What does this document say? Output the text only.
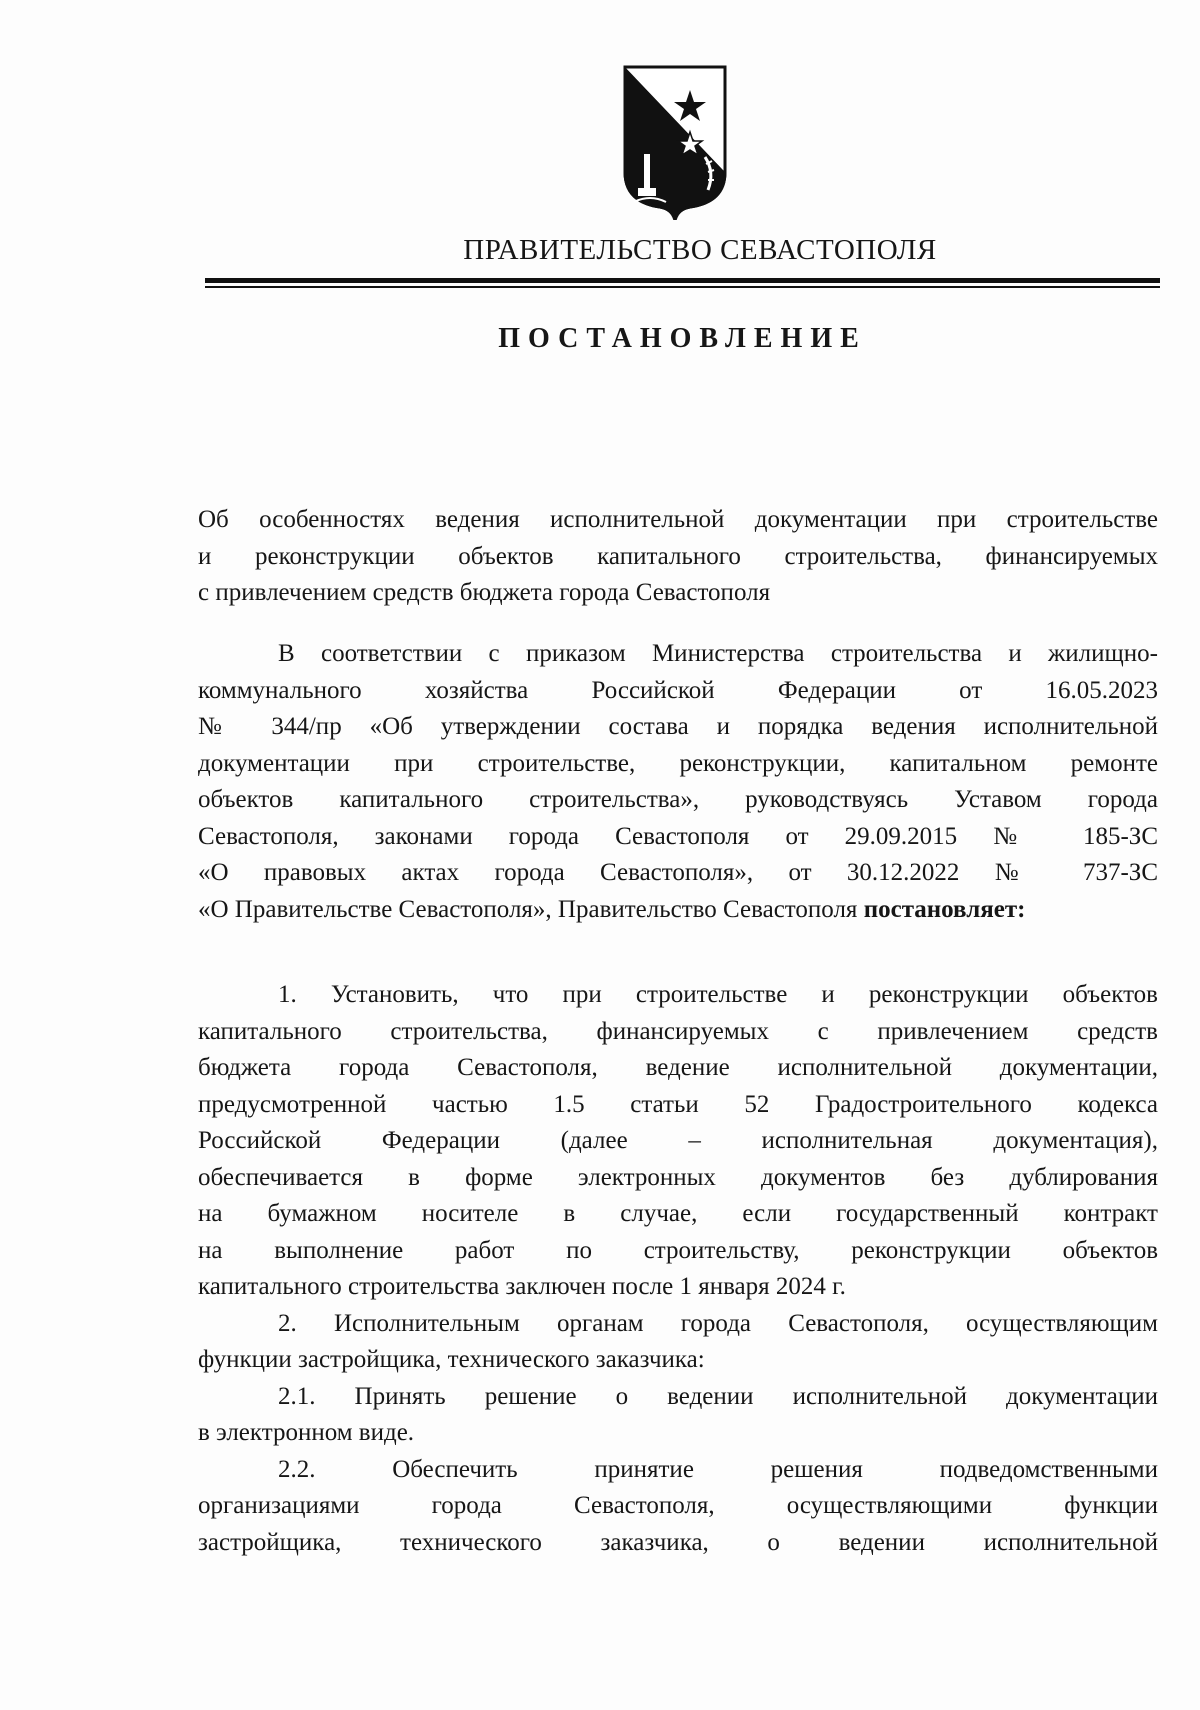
ПРАВИТЕЛЬСТВО СЕВАСТОПОЛЯ
ПОСТАНОВЛЕНИЕ
Об особенностях ведения исполнительной документации при строительстве
и реконструкции объектов капитального строительства, финансируемых
с привлечением средств бюджета города Севастополя
В соответствии с приказом Министерства строительства и жилищно-
коммунального хозяйства Российской Федерации от 16.05.2023
№ 344/пр «Об утверждении состава и порядка ведения исполнительной
документации при строительстве, реконструкции, капитальном ремонте
объектов капитального строительства», руководствуясь Уставом города
Севастополя, законами города Севастополя от 29.09.2015 № 185-ЗС
«О правовых актах города Севастополя», от 30.12.2022 № 737-ЗС
«О Правительстве Севастополя», Правительство Севастополя постановляет:
1. Установить, что при строительстве и реконструкции объектов
капитального строительства, финансируемых с привлечением средств
бюджета города Севастополя, ведение исполнительной документации,
предусмотренной частью 1.5 статьи 52 Градостроительного кодекса
Российской Федерации (далее – исполнительная документация),
обеспечивается в форме электронных документов без дублирования
на бумажном носителе в случае, если государственный контракт
на выполнение работ по строительству, реконструкции объектов
капитального строительства заключен после 1 января 2024 г.
2. Исполнительным органам города Севастополя, осуществляющим
функции застройщика, технического заказчика:
2.1. Принять решение о ведении исполнительной документации
в электронном виде.
2.2. Обеспечить принятие решения подведомственными
организациями города Севастополя, осуществляющими функции
застройщика, технического заказчика, о ведении исполнительной
